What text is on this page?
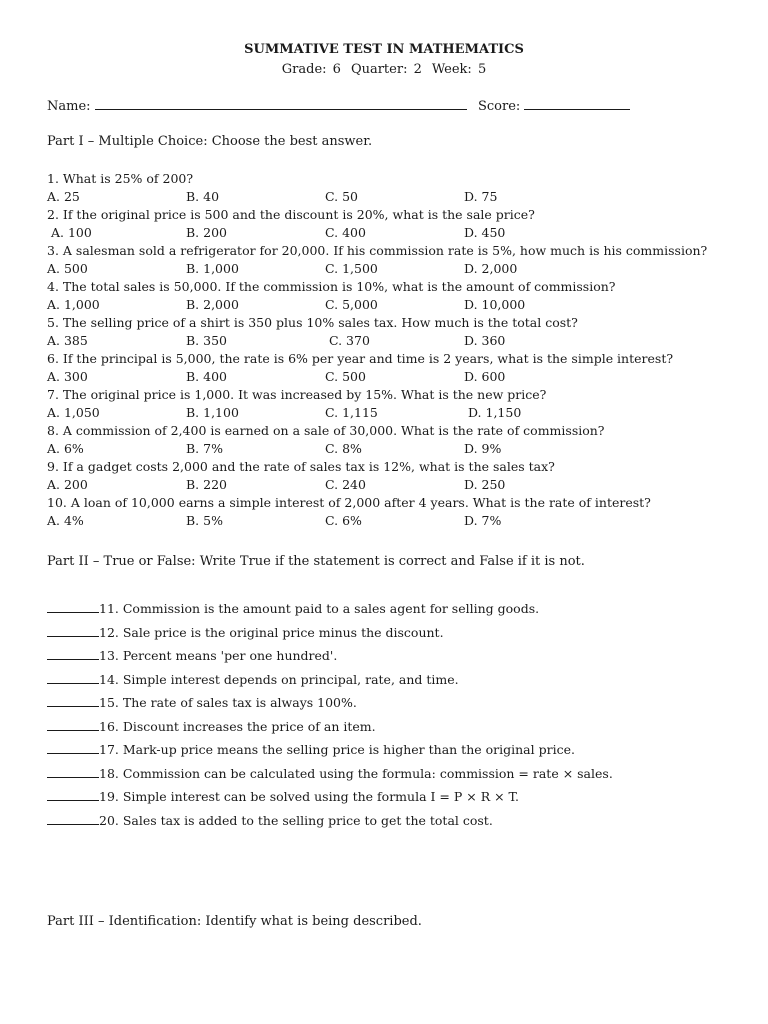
SUMMATIVE TEST IN MATHEMATICS
Grade: 6 Quarter: 2 Week: 5
Name:	Score:
Part I – Multiple Choice: Choose the best answer.
1. What is 25% of 200?
A. 25	B. 40	C. 50	D. 75
2. If the original price is 500 and the discount is 20%, what is the sale price?
A. 100	B. 200	C. 400	D. 450
3. A salesman sold a refrigerator for 20,000. If his commission rate is 5%, how much is his commission?
A. 500	B. 1,000	C. 1,500	D. 2,000
4. The total sales is 50,000. If the commission is 10%, what is the amount of commission?
A. 1,000	B. 2,000	C. 5,000	D. 10,000
5. The selling price of a shirt is 350 plus 10% sales tax. How much is the total cost?
A. 385	B. 350	C. 370	D. 360
6. If the principal is 5,000, the rate is 6% per year and time is 2 years, what is the simple interest?
A. 300	B. 400	C. 500	D. 600
7. The original price is 1,000. It was increased by 15%. What is the new price?
A. 1,050	B. 1,100	C. 1,115	D. 1,150
8. A commission of 2,400 is earned on a sale of 30,000. What is the rate of commission?
A. 6%	B. 7%	C. 8%	D. 9%
9. If a gadget costs 2,000 and the rate of sales tax is 12%, what is the sales tax?
A. 200	B. 220	C. 240	D. 250
10. A loan of 10,000 earns a simple interest of 2,000 after 4 years. What is the rate of interest?
A. 4%	B. 5%	C. 6%	D. 7%
Part II – True or False: Write True if the statement is correct and False if it is not.
11. Commission is the amount paid to a sales agent for selling goods.
12. Sale price is the original price minus the discount.
13. Percent means 'per one hundred'.
14. Simple interest depends on principal, rate, and time.
15. The rate of sales tax is always 100%.
16. Discount increases the price of an item.
17. Mark-up price means the selling price is higher than the original price.
18. Commission can be calculated using the formula: commission = rate × sales.
19. Simple interest can be solved using the formula I = P × R × T.
20. Sales tax is added to the selling price to get the total cost.
Part III – Identification: Identify what is being described.
